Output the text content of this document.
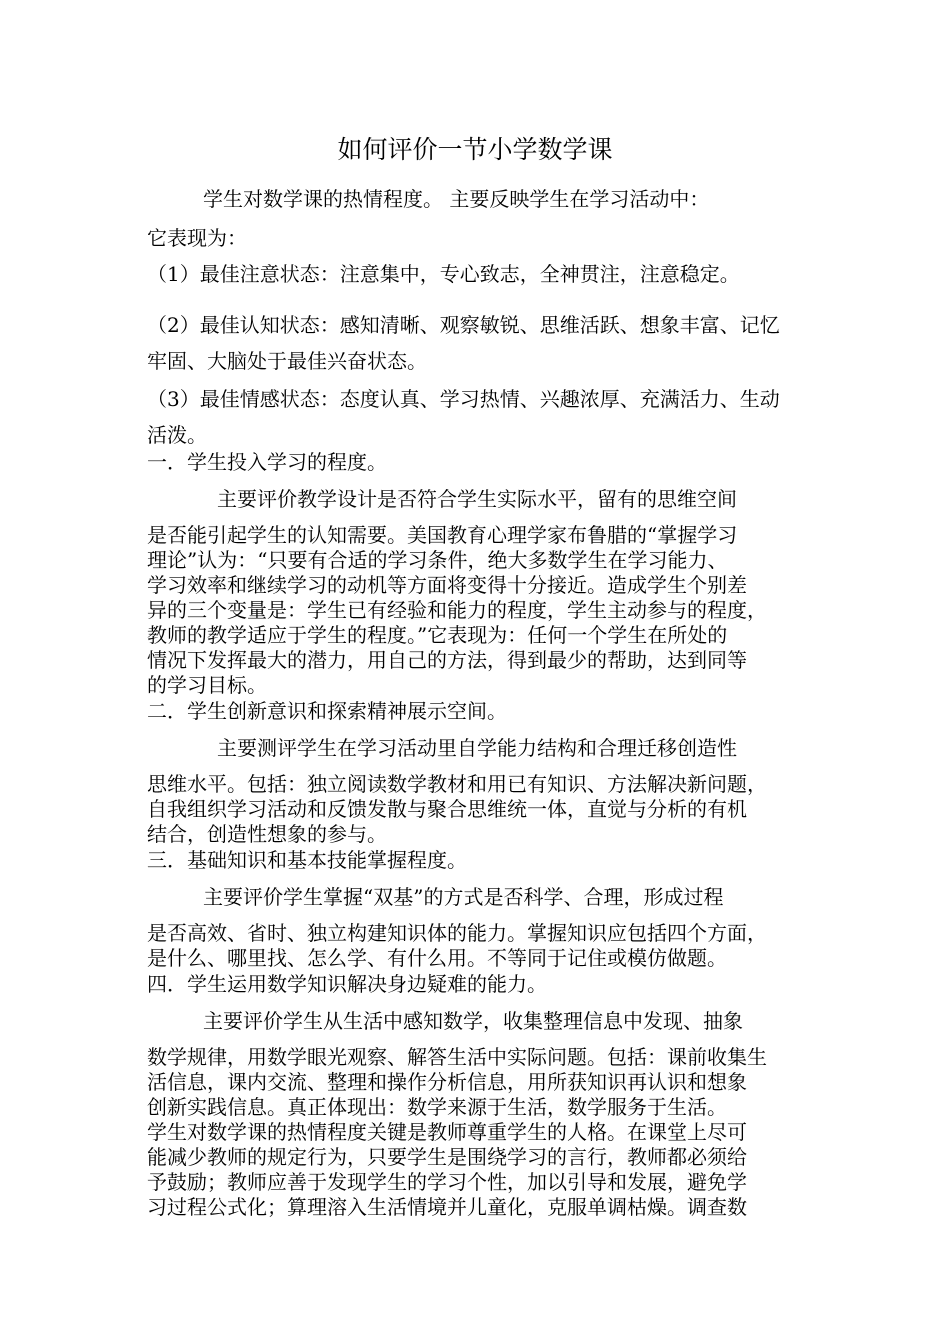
如何评价一节小学数学课
学生对数学课的热情程度。 主要反映学生在学习活动中：
它表现为：
（1）最佳注意状态：注意集中，专心致志，全神贯注，注意稳定。
（2）最佳认知状态：感知清晰、观察敏锐、思维活跃、想象丰富、记忆
牢固、大脑处于最佳兴奋状态。
（3）最佳情感状态：态度认真、学习热情、兴趣浓厚、充满活力、生动
活泼。
一．学生投入学习的程度。
主要评价教学设计是否符合学生实际水平，留有的思维空间
是否能引起学生的认知需要。美国教育心理学家布鲁腊的“掌握学习
理论”认为：“只要有合适的学习条件，绝大多数学生在学习能力、
学习效率和继续学习的动机等方面将变得十分接近。造成学生个别差
异的三个变量是：学生已有经验和能力的程度，学生主动参与的程度，
教师的教学适应于学生的程度。”它表现为：任何一个学生在所处的
情况下发挥最大的潜力，用自己的方法，得到最少的帮助，达到同等
的学习目标。
二．学生创新意识和探索精神展示空间。
主要测评学生在学习活动里自学能力结构和合理迁移创造性
思维水平。包括：独立阅读数学教材和用已有知识、方法解决新问题，
自我组织学习活动和反馈发散与聚合思维统一体，直觉与分析的有机
结合，创造性想象的参与。
三．基础知识和基本技能掌握程度。
主要评价学生掌握“双基”的方式是否科学、合理，形成过程
是否高效、省时、独立构建知识体的能力。掌握知识应包括四个方面，
是什么、哪里找、怎么学、有什么用。不等同于记住或模仿做题。
四．学生运用数学知识解决身边疑难的能力。
主要评价学生从生活中感知数学，收集整理信息中发现、抽象
数学规律，用数学眼光观察、解答生活中实际问题。包括：课前收集生
活信息，课内交流、整理和操作分析信息，用所获知识再认识和想象
创新实践信息。真正体现出：数学来源于生活，数学服务于生活。
学生对数学课的热情程度关键是教师尊重学生的人格。在课堂上尽可
能减少教师的规定行为，只要学生是围绕学习的言行，教师都必须给
予鼓励；教师应善于发现学生的学习个性，加以引导和发展，避免学
习过程公式化；算理溶入生活情境并儿童化，克服单调枯燥。调查数
